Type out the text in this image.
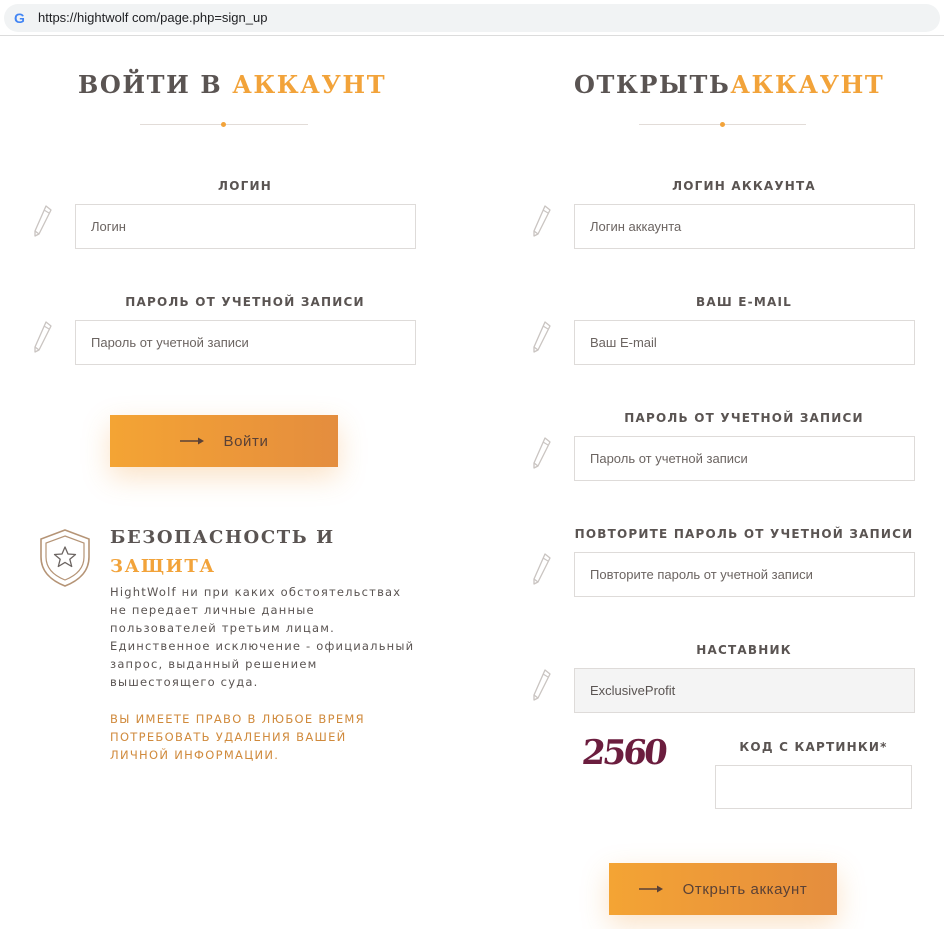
G https://hightwolf com/page.php=sign_up
ВОЙТИ В АККАУНТ
ЛОГИН
Логин
ПАРОЛЬ ОТ УЧЕТНОЙ ЗАПИСИ
Войти
БЕЗОПАСНОСТЬ И
ЗАЩИТА
HightWolf ни при каких обстоятельствах
не передает личные данные
пользователей третьим лицам.
Единственное исключение - официальный
запрос, выданный решением
вышестоящего суда.
ВЫ ИМЕЕТЕ ПРАВО В ЛЮБОЕ ВРЕМЯ
ПОТРЕБОВАТЬ УДАЛЕНИЯ ВАШЕЙ
ЛИЧНОЙ ИНФОРМАЦИИ.
ОТКРЫТЬАККАУНТ
ЛОГИН АККАУНТА
Логин аккаунта
ВАШ E-MAIL
Ваш E-mail
ПАРОЛЬ ОТ УЧЕТНОЙ ЗАПИСИ
ПОВТОРИТЕ ПАРОЛЬ ОТ УЧЕТНОЙ ЗАПИСИ
НАСТАВНИК
ExclusiveProfit
2560	КОД С КАРТИНКИ*
Открыть аккаунт
